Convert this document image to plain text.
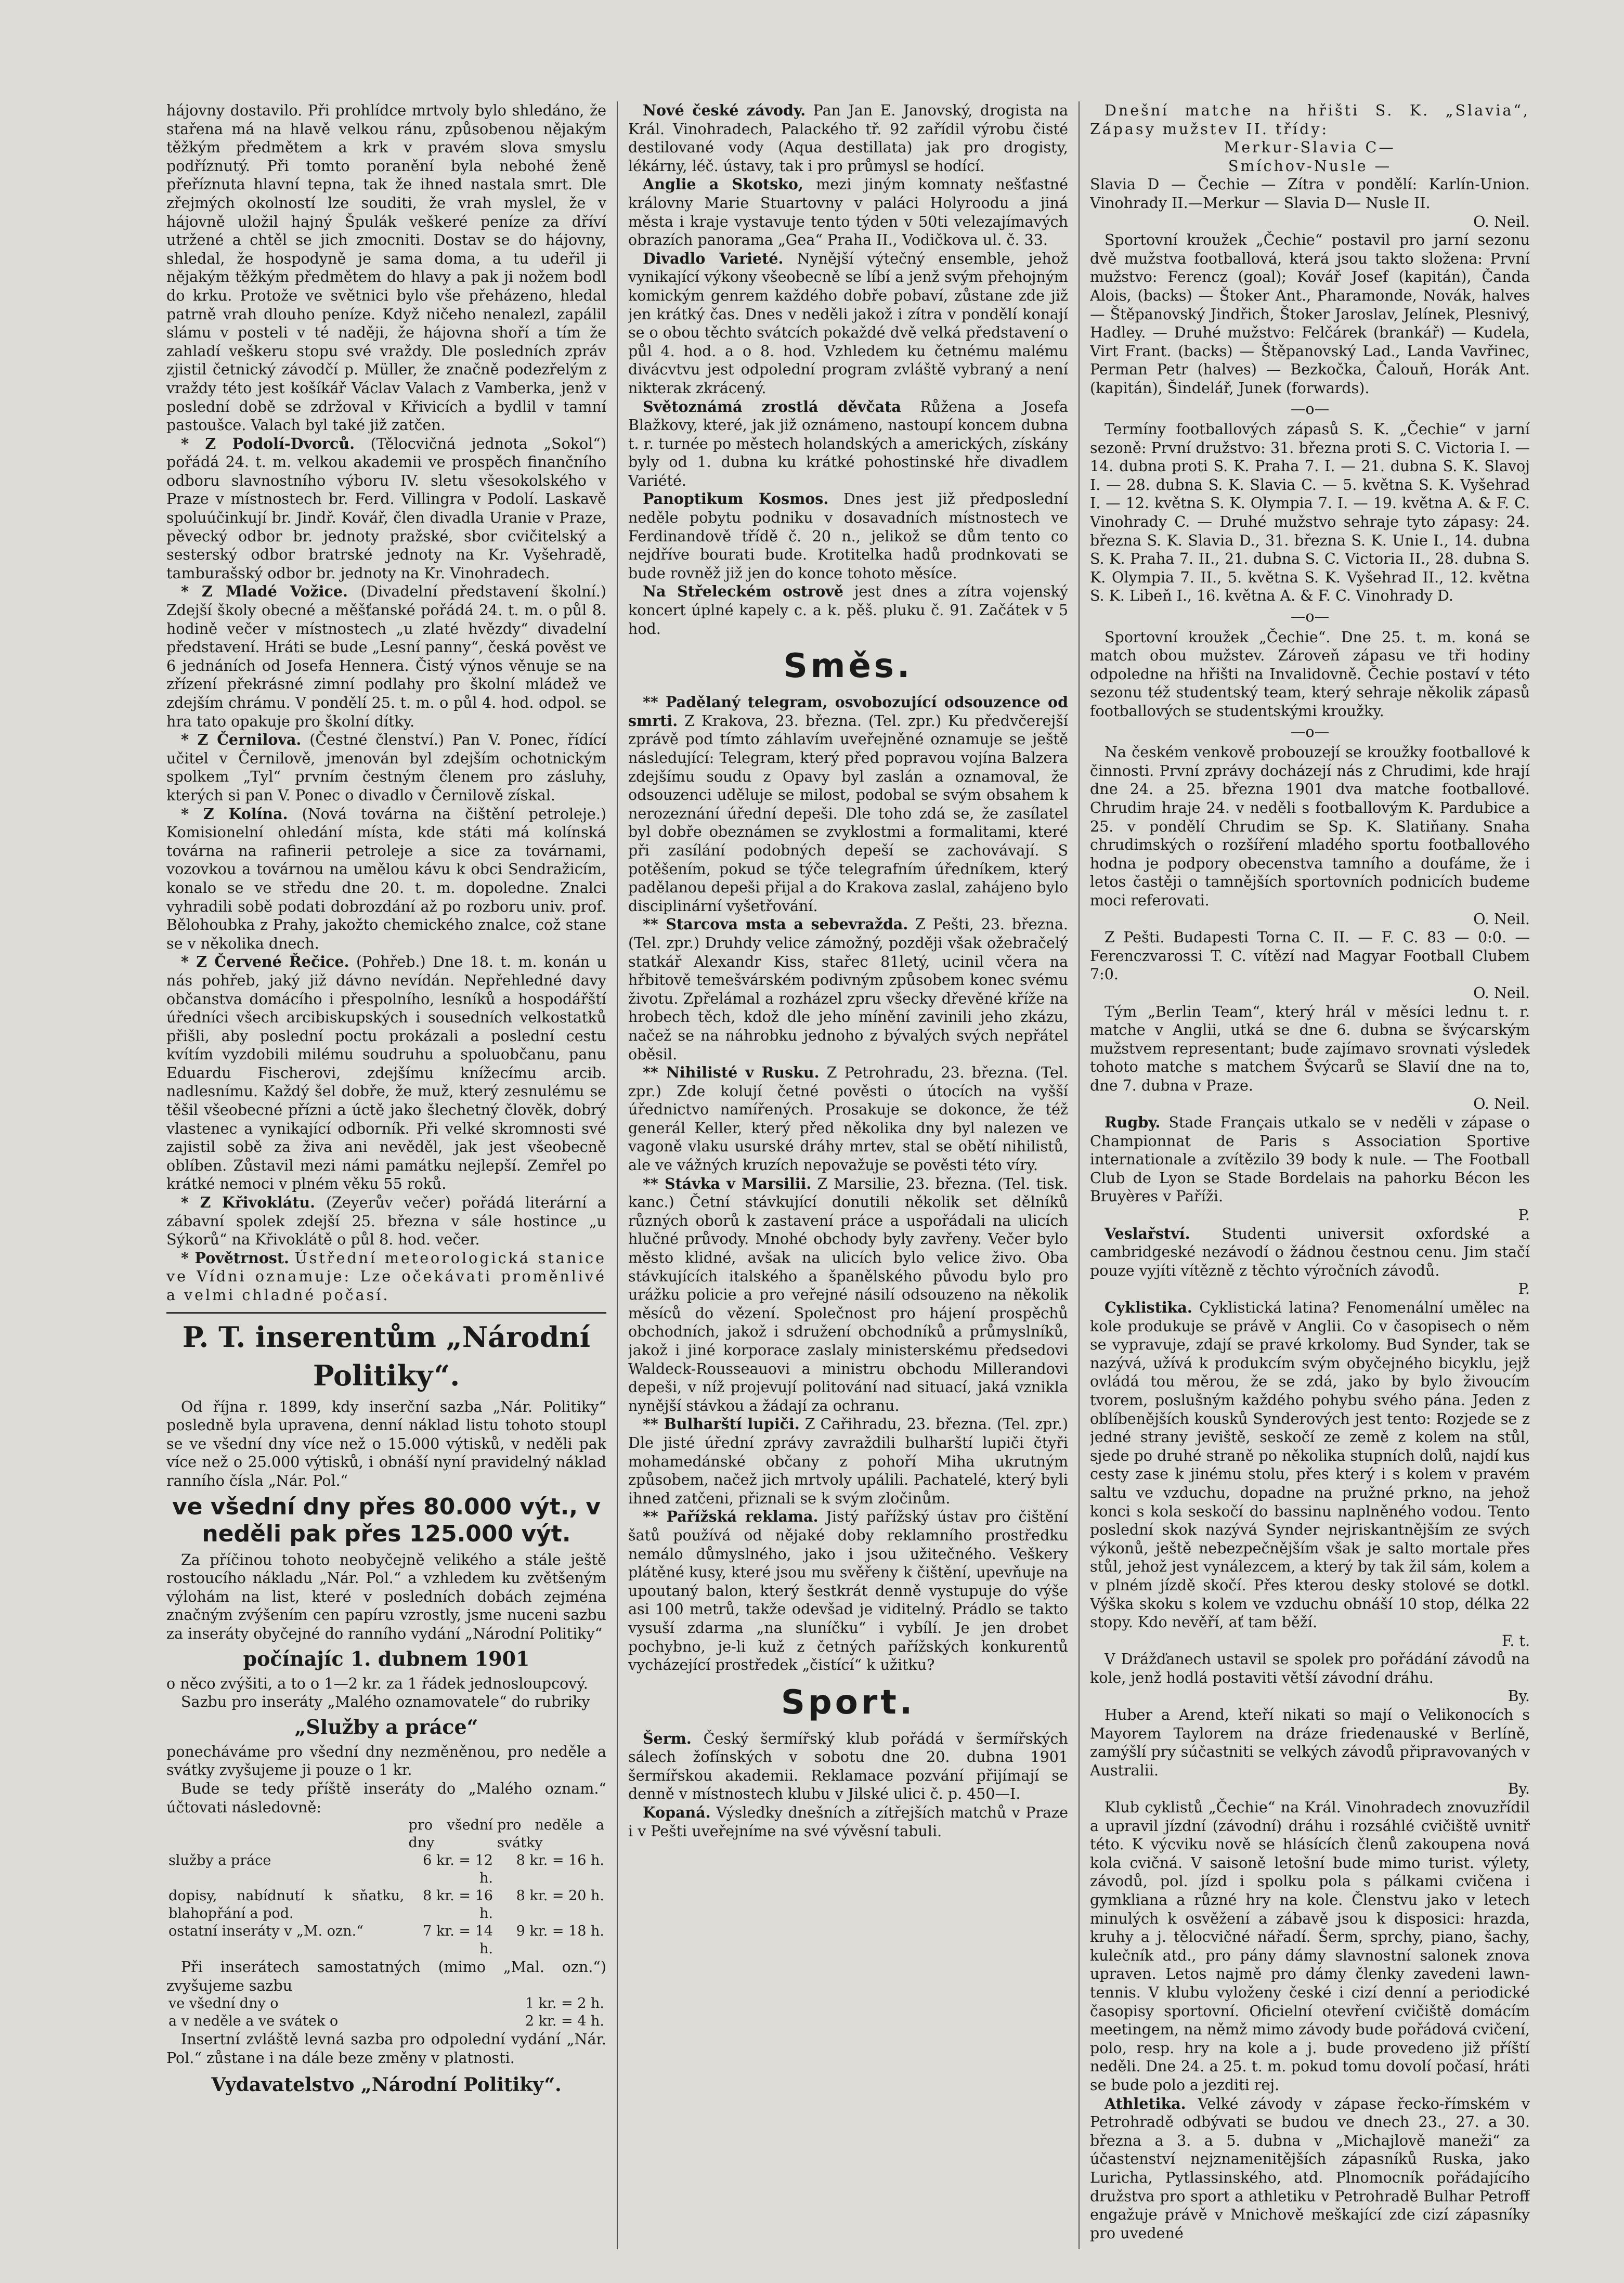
hájovny dostavilo. Při prohlídce mrtvoly bylo shledáno, že stařena má na hlavě velkou ránu, způsobenou nějakým těžkým předmětem a krk v pravém slova smyslu podříznutý. Při tomto poranění byla nebohé ženě přeříznuta hlavní tepna, tak že ihned nastala smrt. Dle zřejmých okolností lze souditi, že vrah myslel, že v hájovně uložil hajný Špulák veškeré peníze za dříví utržené a chtěl se jich zmocniti. Dostav se do hájovny, shledal, že hospodyně je sama doma, a tu udeřil ji nějakým těžkým předmětem do hlavy a pak ji nožem bodl do krku. Protože ve světnici bylo vše přeházeno, hledal patrně vrah dlouho peníze. Když ničeho nenalezl, zapálil slámu v posteli v té naději, že hájovna shoří a tím že zahladí veškeru stopu své vraždy. Dle posledních zpráv zjistil četnický závodčí p. Müller, že značně podezřelým z vraždy této jest košíkář Václav Valach z Vamberka, jenž v poslední době se zdržoval v Křivicích a bydlil v tamní pastoušce. Valach byl také již zatčen.

* Z Podolí-Dvorců. (Tělocvičná jednota „Sokol“) pořádá 24. t. m. velkou akademii ve prospěch finančního odboru slavnostního výboru IV. sletu všesokolského v Praze v místnostech br. Ferd. Villingra v Podolí. Laskavě spoluúčinkují br. Jindř. Kovář, člen divadla Uranie v Praze, pěvecký odbor br. jednoty pražské, sbor cvičitelský a sesterský odbor bratrské jednoty na Kr. Vyšehradě, tamburašský odbor br. jednoty na Kr. Vinohradech.

* Z Mladé Vožice. (Divadelní představení školní.) Zdejší školy obecné a měšťanské pořádá 24. t. m. o půl 8. hodině večer v místnostech „u zlaté hvězdy“ divadelní představení. Hráti se bude „Lesní panny“, česká pověst ve 6 jednáních od Josefa Hennera. Čistý výnos věnuje se na zřízení překrásné zimní podlahy pro školní mládež ve zdejším chrámu. V pondělí 25. t. m. o půl 4. hod. odpol. se hra tato opakuje pro školní dítky.

* Z Černilova. (Čestné členství.) Pan V. Ponec, řídící učitel v Černilově, jmenován byl zdejším ochotnickým spolkem „Tyl“ prvním čestným členem pro zásluhy, kterých si pan V. Ponec o divadlo v Černilově získal.

* Z Kolína. (Nová továrna na čištění petroleje.) Komisionelní ohledání místa, kde státi má kolínská továrna na rafinerii petroleje a sice za továrnami, vozovkou a továrnou na umělou kávu k obci Sendražicím, konalo se ve středu dne 20. t. m. dopoledne. Znalci vyhradili sobě podati dobrozdání až po rozboru univ. prof. Bělohoubka z Prahy, jakožto chemického znalce, což stane se v několika dnech.

* Z Červené Řečice. (Pohřeb.) Dne 18. t. m. konán u nás pohřeb, jaký již dávno nevídán. Nepřehledné davy občanstva domácího i přespolního, lesníků a hospodářští úředníci všech arcibiskupských i sousedních velkostatků přišli, aby poslední poctu prokázali a poslední cestu kvítím vyzdobili milému soudruhu a spoluobčanu, panu Eduardu Fischerovi, zdejšímu knížecímu arcib. nadlesnímu. Každý šel dobře, že muž, který zesnulému se těšil všeobecné přízni a úctě jako šlechetný člověk, dobrý vlastenec a vynikající odborník. Při velké skromnosti své zajistil sobě za živa ani nevěděl, jak jest všeobecně oblíben. Zůstavil mezi námi památku nejlepší. Zemřel po krátké nemoci v plném věku 55 roků.

* Z Křivoklátu. (Zeyerův večer) pořádá literární a zábavní spolek zdejší 25. března v sále hostince „u Sýkorů“ na Křivoklátě o půl 8. hod. večer.

* Povětrnost. Ústřední meteorologická stanice ve Vídni oznamuje: Lze očekávati proměnlivé a velmi chladné počasí.

P. T. inserentům „Národní Politiky“.

Od října r. 1899, kdy inserční sazba „Nár. Politiky“ posledně byla upravena, denní náklad listu tohoto stoupl se ve všední dny více než o 15.000 výtisků, v neděli pak více než o 25.000 výtisků, i obnáší nyní pravidelný náklad ranního čísla „Nár. Pol.“

ve všední dny přes 80.000 výt., v neděli pak přes 125.000 výt.

Za příčinou tohoto neobyčejně velikého a stále ještě rostoucího nákladu „Nár. Pol.“ a vzhledem ku zvětšeným výlohám na list, které v posledních dobách zejména značným zvýšením cen papíru vzrostly, jsme nuceni sazbu za inseráty obyčejné do ranního vydání „Národní Politiky“

počínajíc 1. dubnem 1901

o něco zvýšiti, a to o 1—2 kr. za 1 řádek jednosloupcový.

Sazbu pro inseráty „Malého oznamovatele“ do rubriky

„Služby a práce“

ponecháváme pro všední dny nezměněnou, pro neděle a svátky zvyšujeme ji pouze o 1 kr.

Bude se tedy příště inseráty do „Malého oznam.“ účtovati následovně:

	pro všední dny	pro neděle a svátky
služby a práce	6 kr. = 12 h.	8 kr. = 16 h.
dopisy, nabídnutí k sňatku, blahopřání a pod.	8 kr. = 16 h.	8 kr. = 20 h.
ostatní inseráty v „M. ozn.“	7 kr. = 14 h.	9 kr. = 18 h.

Při inserátech samostatných (mimo „Mal. ozn.“) zvyšujeme sazbu

ve všední dny o	1 kr. = 2 h.
a v neděle a ve svátek o	2 kr. = 4 h.

Insertní zvláště levná sazba pro odpolední vydání „Nár. Pol.“ zůstane i na dále beze změny v platnosti.

Vydavatelstvo „Národní Politiky“.

Nové české závody. Pan Jan E. Janovský, drogista na Král. Vinohradech, Palackého tř. 92 zařídil výrobu čisté destilované vody (Aqua destillata) jak pro drogisty, lékárny, léč. ústavy, tak i pro průmysl se hodící.

Anglie a Skotsko, mezi jiným komnaty nešťastné královny Marie Stuartovny v paláci Holyroodu a jiná města i kraje vystavuje tento týden v 50ti velezajímavých obrazích panorama „Gea“ Praha II., Vodičkova ul. č. 33.

Divadlo Varieté. Nynější výtečný ensemble, jehož vynikající výkony všeobecně se líbí a jenž svým přehojným komickým genrem každého dobře pobaví, zůstane zde již jen krátký čas. Dnes v neděli jakož i zítra v pondělí konají se o obou těchto svátcích pokaždé dvě velká představení o půl 4. hod. a o 8. hod. Vzhledem ku četnému malému divácvtvu jest odpolední program zvláště vybraný a není nikterak zkrácený.

Světoznámá zrostlá děvčata Růžena a Josefa Blažkovy, které, jak již oznámeno, nastoupí koncem dubna t. r. turnée po městech holandských a amerických, získány byly od 1. dubna ku krátké pohostinské hře divadlem Variété.

Panoptikum Kosmos. Dnes jest již předposlední neděle pobytu podniku v dosavadních místnostech ve Ferdinandově třídě č. 20 n., jelikož se dům tento co nejdříve bourati bude. Krotitelka hadů prodnkovati se bude rovněž již jen do konce tohoto měsíce.

Na Střeleckém ostrově jest dnes a zítra vojenský koncert úplné kapely c. a k. pěš. pluku č. 91. Začátek v 5 hod.

Směs.

** Padělaný telegram, osvobozující odsouzence od smrti. Z Krakova, 23. března. (Tel. zpr.) Ku předvčerejší zprávě pod tímto záhlavím uveřejněné oznamuje se ještě následující: Telegram, který před popravou vojína Balzera zdejšímu soudu z Opavy byl zaslán a oznamoval, že odsouzenci uděluje se milost, podobal se svým obsahem k nerozeznání úřední depeši. Dle toho zdá se, že zasílatel byl dobře obeznámen se zvyklostmi a formalitami, které při zasílání podobných depeší se zachovávají. S potěšením, pokud se týče telegrafním úředníkem, který padělanou depeši přijal a do Krakova zaslal, zahájeno bylo disciplinární vyšetřování.

** Starcova msta a sebevražda. Z Pešti, 23. března. (Tel. zpr.) Druhdy velice zámožný, později však ožebračelý statkář Alexandr Kiss, stařec 81letý, ucinil včera na hřbitově temešvárském podivným způsobem konec svému životu. Zpřelámal a rozházel zpru všecky dřevěné kříže na hrobech těch, kdož dle jeho mínění zavinili jeho zkázu, načež se na náhrobku jednoho z bývalých svých nepřátel oběsil.

** Nihilisté v Rusku. Z Petrohradu, 23. března. (Tel. zpr.) Zde kolují četné pověsti o útocích na vyšší úřednictvo namířených. Prosakuje se dokonce, že též generál Keller, který před několika dny byl nalezen ve vagoně vlaku usurské dráhy mrtev, stal se obětí nihilistů, ale ve vážných kruzích nepovažuje se pověsti této víry.

** Stávka v Marsilii. Z Marsilie, 23. března. (Tel. tisk. kanc.) Četní stávkující donutili několik set dělníků různých oborů k zastavení práce a uspořádali na ulicích hlučné průvody. Mnohé obchody byly zavřeny. Večer bylo město klidné, avšak na ulicích bylo velice živo. Oba stávkujících italského a španělského původu bylo pro urážku policie a pro veřejné násilí odsouzeno na několik měsíců do vězení. Společnost pro hájení prospěchů obchodních, jakož i sdružení obchodníků a průmyslníků, jakož i jiné korporace zaslaly ministerskému předsedovi Waldeck-Rousseauovi a ministru obchodu Millerandovi depeši, v níž projevují politování nad situací, jaká vznikla nynější stávkou a žádají za ochranu.

** Bulharští lupiči. Z Cařihradu, 23. března. (Tel. zpr.) Dle jisté úřední zprávy zavraždili bulharští lupiči čtyři mohamedánské občany z pohoří Miha ukrutným způsobem, načež jich mrtvoly upálili. Pachatelé, který byli ihned zatčeni, přiznali se k svým zločinům.

** Pařížská reklama. Jistý pařížský ústav pro čištění šatů používá od nějaké doby reklamního prostředku nemálo důmyslného, jako i jsou užitečného. Veškery plátěné kusy, které jsou mu svěřeny k čištění, upevňuje na upoutaný balon, který šestkrát denně vystupuje do výše asi 100 metrů, takže odevšad je viditelný. Prádlo se takto vysuší zdarma „na sluníčku“ i vybílí. Je jen drobet pochybno, je-li kuž z četných pařížských konkurentů vycházející prostředek „čistící“ k užitku?

Sport.

Šerm. Český šermířský klub pořádá v šermířských sálech žofínských v sobotu dne 20. dubna 1901 šermířskou akademii. Reklamace pozvání přijímají se denně v místnostech klubu v Jilské ulici č. p. 450—I.

Kopaná. Výsledky dnešních a zítřejších matchů v Praze i v Pešti uveřejníme na své vývěsní tabuli.

Dnešní matche na hřišti S. K. „Slavia“, Zápasy mužstev II. třídy:

Merkur-Slavia C—
Smíchov-Nusle —

Slavia D — Čechie — Zítra v pondělí: Karlín-Union. Vinohrady II.—Merkur — Slavia D— Nusle II.

O. Neil.

Sportovní kroužek „Čechie“ postavil pro jarní sezonu dvě mužstva footballová, která jsou takto složena: První mužstvo: Ferencz (goal); Kovář Josef (kapitán), Čanda Alois, (backs) — Štoker Ant., Pharamonde, Novák, halves — Štěpanovský Jindřich, Štoker Jaroslav, Jelínek, Plesnivý, Hadley. — Druhé mužstvo: Felčárek (brankář) — Kudela, Virt Frant. (backs) — Štěpanovský Lad., Landa Vavřinec, Perman Petr (halves) — Bezkočka, Čalouň, Horák Ant. (kapitán), Šindelář, Junek (forwards).

—o—

Termíny footballových zápasů S. K. „Čechie“ v jarní sezoně: První družstvo: 31. března proti S. C. Victoria I. — 14. dubna proti S. K. Praha 7. I. — 21. dubna S. K. Slavoj I. — 28. dubna S. K. Slavia C. — 5. května S. K. Vyšehrad I. — 12. května S. K. Olympia 7. I. — 19. května A. & F. C. Vinohrady C. — Druhé mužstvo sehraje tyto zápasy: 24. března S. K. Slavia D., 31. března S. K. Unie I., 14. dubna S. K. Praha 7. II., 21. dubna S. C. Victoria II., 28. dubna S. K. Olympia 7. II., 5. května S. K. Vyšehrad II., 12. května S. K. Libeň I., 16. května A. & F. C. Vinohrady D.

—o—

Sportovní kroužek „Čechie“. Dne 25. t. m. koná se match obou mužstev. Zároveň zápasu ve tři hodiny odpoledne na hřišti na Invalidovně. Čechie postaví v této sezonu též studentský team, který sehraje několik zápasů footballových se studentskými kroužky.

—o—

Na českém venkově probouzejí se kroužky footballové k činnosti. První zprávy docházejí nás z Chrudimi, kde hrají dne 24. a 25. března 1901 dva matche footballové. Chrudim hraje 24. v neděli s footballovým K. Pardubice a 25. v pondělí Chrudim se Sp. K. Slatiňany. Snaha chrudimských o rozšíření mladého sportu footballového hodna je podpory obecenstva tamního a doufáme, že i letos častěji o tamnějších sportovních podnicích budeme moci referovati.

O. Neil.

Z Pešti. Budapesti Torna C. II. — F. C. 83 — 0:0. — Ferenczvarossi T. C. vítězí nad Magyar Football Clubem 7:0.

O. Neil.

Tým „Berlin Team“, který hrál v měsíci lednu t. r. matche v Anglii, utká se dne 6. dubna se švýcarským mužstvem representant; bude zajímavo srovnati výsledek tohoto matche s matchem Švýcarů se Slavií dne na to, dne 7. dubna v Praze.

O. Neil.

Rugby. Stade Français utkalo se v neděli v zápase o Championnat de Paris s Association Sportive internationale a zvítězilo 39 body k nule. — The Football Club de Lyon se Stade Bordelais na pahorku Bécon les Bruyères v Paříži.

P.

Veslařství. Studenti universit oxfordské a cambridgeské nezávodí o žádnou čestnou cenu. Jim stačí pouze vyjíti vítězně z těchto výročních závodů.

P.

Cyklistika. Cyklistická latina? Fenomenální umělec na kole produkuje se právě v Anglii. Co v časopisech o něm se vypravuje, zdají se pravé krkolomy. Bud Synder, tak se nazývá, užívá k produkcím svým obyčejného bicyklu, jejž ovládá tou měrou, že se zdá, jako by bylo živoucím tvorem, poslušným každého pohybu svého pána. Jeden z oblíbenějších kousků Synderových jest tento: Rozjede se z jedné strany jeviště, seskočí ze země z kolem na stůl, sjede po druhé straně po několika stupních dolů, najdí kus cesty zase k jinému stolu, přes který i s kolem v pravém saltu ve vzduchu, dopadne na pružné prkno, na jehož konci s kola seskočí do bassinu naplněného vodou. Tento poslední skok nazývá Synder nejriskantnějším ze svých výkonů, ještě nebezpečnějším však je salto mortale přes stůl, jehož jest vynálezcem, a který by tak žil sám, kolem a v plném jízdě skočí. Přes kterou desky stolové se dotkl. Výška skoku s kolem ve vzduchu obnáší 10 stop, délka 22 stopy. Kdo nevěří, ať tam běží.

F. t.

V Drážďanech ustavil se spolek pro pořádání závodů na kole, jenž hodlá postaviti větší závodní dráhu.

By.

Huber a Arend, kteří nikati so mají o Velikonocích s Mayorem Taylorem na dráze friedenauské v Berlíně, zamýšlí pry súčastniti se velkých závodů připravovaných v Australii.

By.

Klub cyklistů „Čechie“ na Král. Vinohradech znovuzřídil a upravil jízdní (závodní) dráhu i rozsáhlé cvičiště uvnitř této. K výcviku nově se hlásících členů zakoupena nová kola cvičná. V saisoně letošní bude mimo turist. výlety, závodů, pol. jízd i spolku pola s pálkami cvičena i gymkliana a různé hry na kole. Členstvu jako v letech minulých k osvěžení a zábavě jsou k disposici: hrazda, kruhy a j. tělocvičné nářadí. Šerm, sprchy, piano, šachy, kulečník atd., pro pány dámy slavnostní salonek znova upraven. Letos najmě pro dámy členky zavedeni lawn-tennis. V klubu vyloženy české i cizí denní a periodické časopisy sportovní. Oficielní otevření cvičiště domácím meetingem, na němž mimo závody bude pořádová cvičení, polo, resp. hry na kole a j. bude provedeno již příští neděli. Dne 24. a 25. t. m. pokud tomu dovolí počasí, hráti se bude polo a jezditi rej.

Athletika. Velké závody v zápase řecko-římském v Petrohradě odbývati se budou ve dnech 23., 27. a 30. března a 3. a 5. dubna v „Michajlově maneži“ za účastenství nejznamenitějších zápasníků Ruska, jako Luricha, Pytlassinského, atd. Plnomocník pořádajícího družstva pro sport a athletiku v Petrohradě Bulhar Petroff engažuje právě v Mnichově meškající zde cizí zápasníky pro uvedené
